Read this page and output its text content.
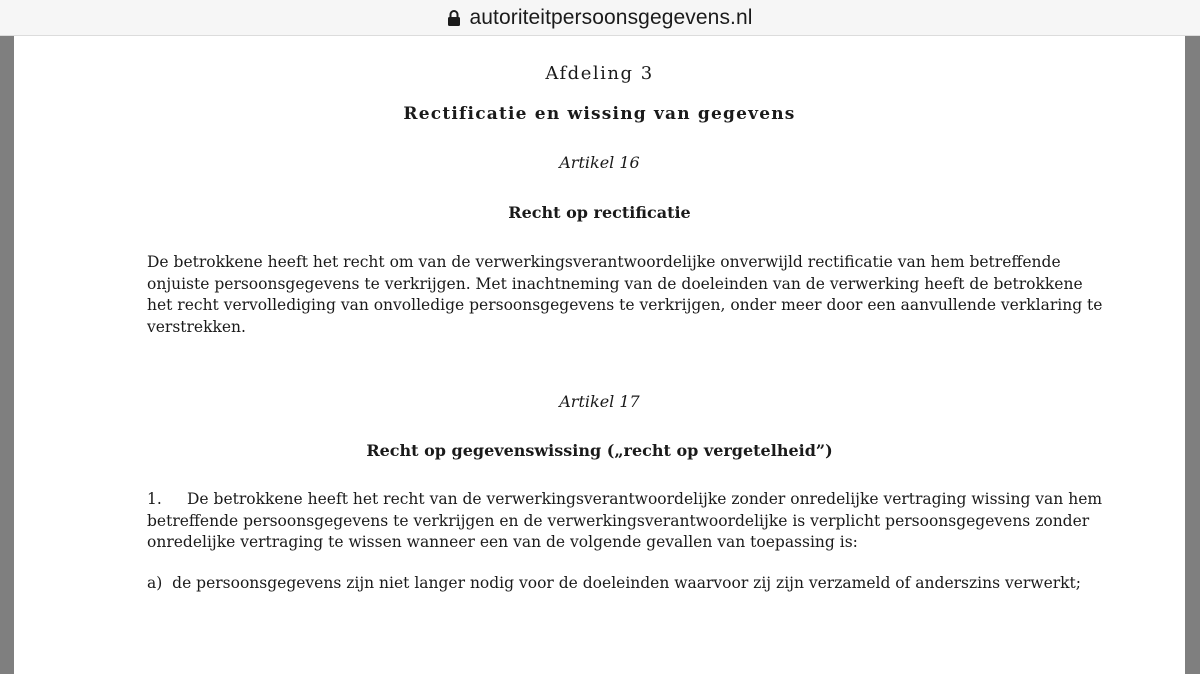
autoriteitpersoonsgegevens.nl
Afdeling 3
Rectificatie en wissing van gegevens
Artikel 16
Recht op rectificatie
De betrokkene heeft het recht om van de verwerkingsverantwoordelijke onverwijld rectificatie van hem betreffende
onjuiste persoonsgegevens te verkrijgen. Met inachtneming van de doeleinden van de verwerking heeft de betrokkene
het recht vervollediging van onvolledige persoonsgegevens te verkrijgen, onder meer door een aanvullende verklaring te
verstrekken.
Artikel 17
Recht op gegevenswissing („recht op vergetelheid”)
1. De betrokkene heeft het recht van de verwerkingsverantwoordelijke zonder onredelijke vertraging wissing van hem
betreffende persoonsgegevens te verkrijgen en de verwerkingsverantwoordelijke is verplicht persoonsgegevens zonder
onredelijke vertraging te wissen wanneer een van de volgende gevallen van toepassing is:
a) de persoonsgegevens zijn niet langer nodig voor de doeleinden waarvoor zij zijn verzameld of anderszins verwerkt;
